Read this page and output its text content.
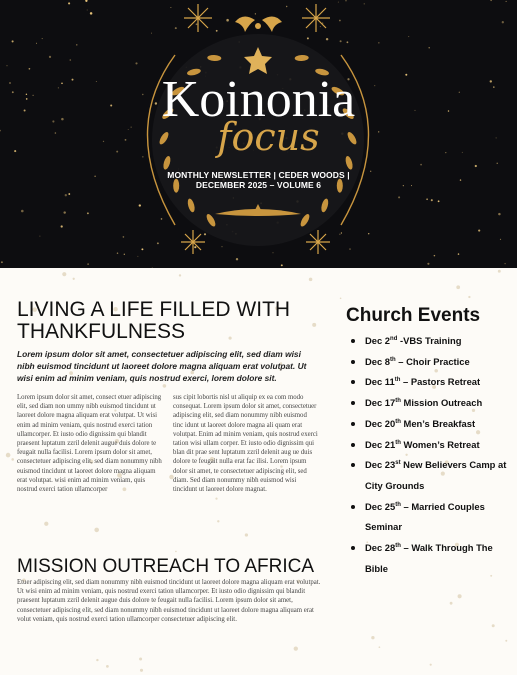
Koinonia
focus
MONTHLY NEWSLETTER | CEDER WOODS |
DECEMBER 2025 – VOLUME 6
LIVING A LIFE FILLED WITH THANKFULNESS
Lorem ipsum dolor sit amet, consectetuer adipiscing elit, sed diam wisi nibh euismod tincidunt ut laoreet dolore magna aliquam erat volutpat. Ut wisi enim ad minim veniam, quis nostrud exerci, lorem dolore sit.
Lorem ipsum dolor sit amet, consect etuer adipiscing elit, sed diam non ummy nibh euismod tincidunt ut laoreet dolore magna aliquam erat volutpat. Ut wisi enim ad minim veniam, quis nostrud exerci tation ullamcorper. Et iusto odio dignissim qui blandit praesent luptatum zzril delenit augue duis dolore te feugait nulla facilisi. Lorem ipsum dolor sit amet, consectetuer adipiscing elit, sed diam nonummy nibh euismod tincidunt ut laoreet dolore magna aliquam erat volutpat. wisi enim ad minim veniam, quis nostrud exerci tation ullamcorper
sus cipit lobortis nisl ut aliquip ex ea com modo consequat. Lorem ipsum dolor sit amet, consectetuer adipiscing elit, sed diam nonummy nibh euismod tinc idunt ut laoreet dolore magna ali quam erat volutpat. Enim ad minim veniam, quis nostrud exerci tation wisi ullam corper. Et iusto odio dignissim qui blan dit prae sent luptatum zzril delenit aug ue duis dolore te feugait nulla erat fac ilisi. Lorem ipsum dolor sit amet, te consectetuer adipiscing elit, sed diam. Sed diam nonummy nibh euismod wisi tincidunt ut laoreet dolore magnat.
MISSION OUTREACH TO AFRICA
Etuer adipiscing elit, sed diam nonummy nibh euismod tincidunt ut laoreet dolore magna aliquam erat volutpat. Ut wisi enim ad minim veniam, quis nostrud exerci tation ullamcorper. Et iusto odio dignissim qui blandit praesent luptatum zzril delenit augue duis dolore te feugait nulla facilisi. Lorem ipsum dolor sit amet, consectetuer adipiscing elit, sed diam nonummy nibh euismod tincidunt ut laoreet dolore magna aliquam erat volut veniam, quis nostrud exerci tation ullamcorper consectetuer adipiscing elit.
Church Events
Dec 2nd -VBS Training
Dec 8th – Choir Practice
Dec 11th – Pastors Retreat
Dec 17th Mission Outreach
Dec 20th Men’s Breakfast
Dec 21th Women’s Retreat
Dec 23st New Believers Camp at City Grounds
Dec 25th – Married Couples Seminar
Dec 28th – Walk Through The Bible
